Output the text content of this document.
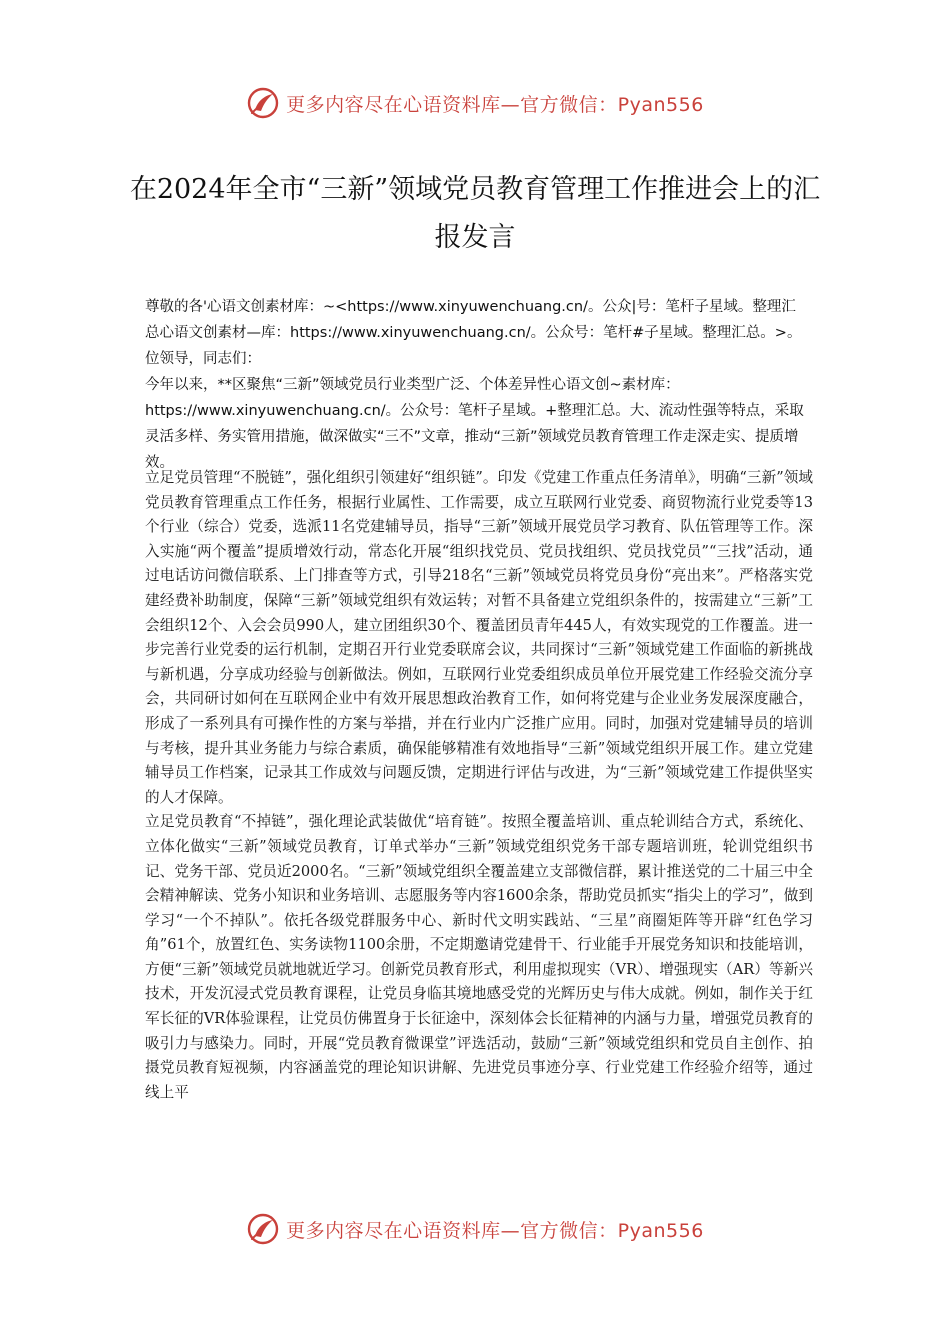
更多内容尽在心语资料库—官方微信：Pyan556
在2024年全市“三新”领域党员教育管理工作推进会上的汇报发言

尊敬的各'心语文创素材库：~<https://www.xinyuwenchuang.cn/。公众|号：笔杆子星域。整理汇总心语文创素材—库：https://www.xinyuwenchuang.cn/。公众号：笔杆#子星域。整理汇总。>。位领导，同志们：

今年以来，**区聚焦“三新”领域党员行业类型广泛、个体差异性心语文创~素材库：https://www.xinyuwenchuang.cn/。公众号：笔杆子星域。+整理汇总。大、流动性强等特点，采取灵活多样、务实管用措施，做深做实“三不”文章，推动“三新”领域党员教育管理工作走深走实、提质增效。

立足党员管理“不脱链”，强化组织引领建好“组织链”。印发《党建工作重点任务清单》，明确“三新”领域党员教育管理重点工作任务，根据行业属性、工作需要，成立互联网行业党委、商贸物流行业党委等13个行业（综合）党委，选派11名党建辅导员，指导“三新”领域开展党员学习教育、队伍管理等工作。深入实施“两个覆盖”提质增效行动，常态化开展“组织找党员、党员找组织、党员找党员”“三找”活动，通过电话访问微信联系、上门排查等方式，引导218名“三新”领域党员将党员身份“亮出来”。严格落实党建经费补助制度，保障“三新”领域党组织有效运转；对暂不具备建立党组织条件的，按需建立“三新”工会组织12个、入会会员990人，建立团组织30个、覆盖团员青年445人，有效实现党的工作覆盖。进一步完善行业党委的运行机制，定期召开行业党委联席会议，共同探讨“三新”领域党建工作面临的新挑战与新机遇，分享成功经验与创新做法。例如，互联网行业党委组织成员单位开展党建工作经验交流分享会，共同研讨如何在互联网企业中有效开展思想政治教育工作，如何将党建与企业业务发展深度融合，形成了一系列具有可操作性的方案与举措，并在行业内广泛推广应用。同时，加强对党建辅导员的培训与考核，提升其业务能力与综合素质，确保能够精准有效地指导“三新”领域党组织开展工作。建立党建辅导员工作档案，记录其工作成效与问题反馈，定期进行评估与改进，为“三新”领域党建工作提供坚实的人才保障。

立足党员教育“不掉链”，强化理论武装做优“培育链”。按照全覆盖培训、重点轮训结合方式，系统化、立体化做实“三新”领域党员教育，订单式举办“三新”领域党组织党务干部专题培训班，轮训党组织书记、党务干部、党员近2000名。“三新”领域党组织全覆盖建立支部微信群，累计推送党的二十届三中全会精神解读、党务小知识和业务培训、志愿服务等内容1600余条，帮助党员抓实“指尖上的学习”，做到学习“一个不掉队”。依托各级党群服务中心、新时代文明实践站、“三星”商圈矩阵等开辟“红色学习角”61个，放置红色、实务读物1100余册，不定期邀请党建骨干、行业能手开展党务知识和技能培训，方便“三新”领域党员就地就近学习。创新党员教育形式，利用虚拟现实（VR）、增强现实（AR）等新兴技术，开发沉浸式党员教育课程，让党员身临其境地感受党的光辉历史与伟大成就。例如，制作关于红军长征的VR体验课程，让党员仿佛置身于长征途中，深刻体会长征精神的内涵与力量，增强党员教育的吸引力与感染力。同时，开展“党员教育微课堂”评选活动，鼓励“三新”领域党组织和党员自主创作、拍摄党员教育短视频，内容涵盖党的理论知识讲解、先进党员事迹分享、行业党建工作经验介绍等，通过线上平

更多内容尽在心语资料库—官方微信：Pyan556
